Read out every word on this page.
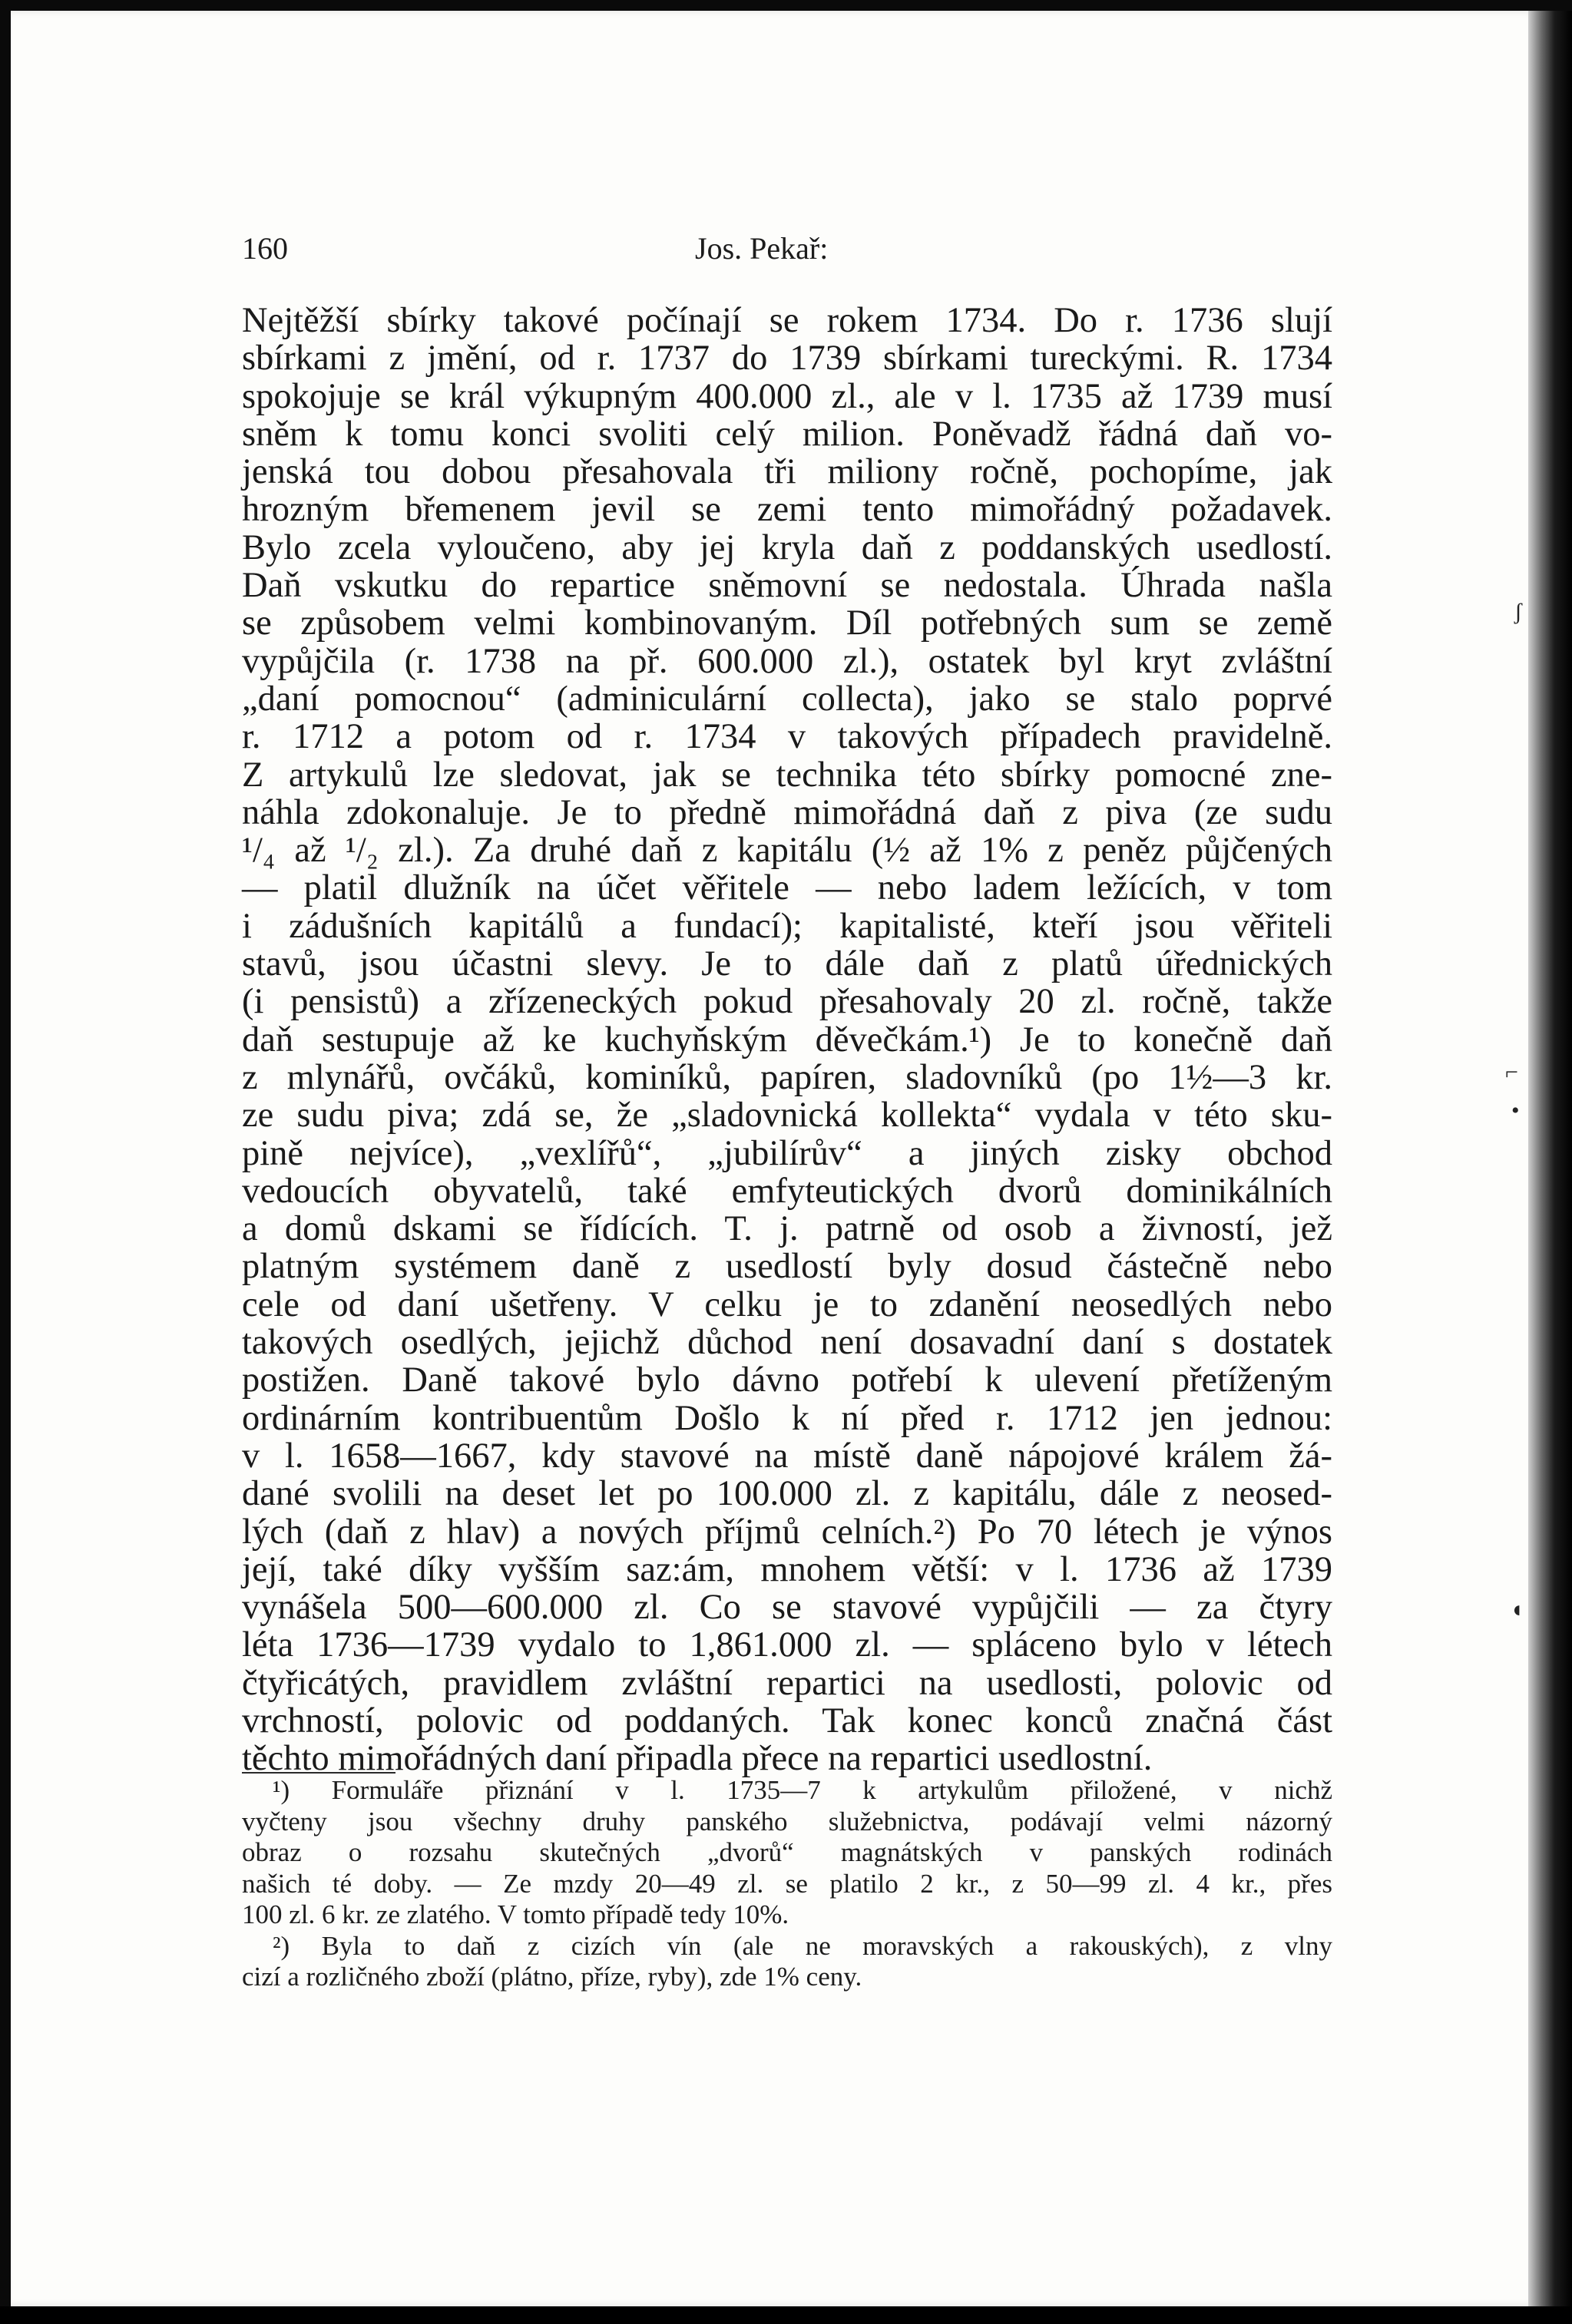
160	Jos. Pekař:
Nejtěžší sbírky takové počínají se rokem 1734. Do r. 1736 slují
sbírkami z jmění, od r. 1737 do 1739 sbírkami tureckými. R. 1734
spokojuje se král výkupným 400.000 zl., ale v l. 1735 až 1739 musí
sněm k tomu konci svoliti celý milion. Poněvadž řádná daň vo-
jenská tou dobou přesahovala tři miliony ročně, pochopíme, jak
hrozným břemenem jevil se zemi tento mimořádný požadavek.
Bylo zcela vyloučeno, aby jej kryla daň z poddanských usedlostí.
Daň vskutku do repartice sněmovní se nedostala. Úhrada našla
se způsobem velmi kombinovaným. Díl potřebných sum se země
vypůjčila (r. 1738 na př. 600.000 zl.), ostatek byl kryt zvláštní
„daní pomocnou“ (adminiculární collecta), jako se stalo poprvé
r. 1712 a potom od r. 1734 v takových případech pravidelně.
Z artykulů lze sledovat, jak se technika této sbírky pomocné zne-
náhla zdokonaluje. Je to předně mimořádná daň z piva (ze sudu
¹/₄ až ¹/₂ zl.). Za druhé daň z kapitálu (½ až 1% z peněz půjčených
— platil dlužník na účet věřitele — nebo ladem ležících, v tom
i zádušních kapitálů a fundací); kapitalisté, kteří jsou věřiteli
stavů, jsou účastni slevy. Je to dále daň z platů úřednických
(i pensistů) a zřízeneckých pokud přesahovaly 20 zl. ročně, takže
daň sestupuje až ke kuchyňským děvečkám.¹) Je to konečně daň
z mlynářů, ovčáků, kominíků, papíren, sladovníků (po 1½—3 kr.
ze sudu piva; zdá se, že „sladovnická kollekta“ vydala v této sku-
pině nejvíce), „vexlířů“, „jubilírův“ a jiných zisky obchod
vedoucích obyvatelů, také emfyteutických dvorů dominikálních
a domů dskami se řídících. T. j. patrně od osob a živností, jež
platným systémem daně z usedlostí byly dosud částečně nebo
cele od daní ušetřeny. V celku je to zdanění neosedlých nebo
takových osedlých, jejichž důchod není dosavadní daní s dostatek
postižen. Daně takové bylo dávno potřebí k ulevení přetíženým
ordinárním kontribuentům Došlo k ní před r. 1712 jen jednou:
v l. 1658—1667, kdy stavové na místě daně nápojové králem žá-
dané svolili na deset let po 100.000 zl. z kapitálu, dále z neosed-
lých (daň z hlav) a nových příjmů celních.²) Po 70 létech je výnos
její, také díky vyšším saz:ám, mnohem větší: v l. 1736 až 1739
vynášela 500—600.000 zl. Co se stavové vypůjčili — za čtyry
léta 1736—1739 vydalo to 1,861.000 zl. — spláceno bylo v létech
čtyřicátých, pravidlem zvláštní repartici na usedlosti, polovic od
vrchností, polovic od poddaných. Tak konec konců značná část
těchto mimořádných daní připadla přece na repartici usedlostní.
¹) Formuláře přiznání v l. 1735—7 k artykulům přiložené, v nichž
vyčteny jsou všechny druhy panského služebnictva, podávají velmi názorný
obraz o rozsahu skutečných „dvorů“ magnátských v panských rodinách
našich té doby. — Ze mzdy 20—49 zl. se platilo 2 kr., z 50—99 zl. 4 kr., přes
100 zl. 6 kr. ze zlatého. V tomto případě tedy 10%.
²) Byla to daň z cizích vín (ale ne moravských a rakouských), z vlny
cizí a rozličného zboží (plátno, příze, ryby), zde 1% ceny.
ʃ
⌐
•
◖
